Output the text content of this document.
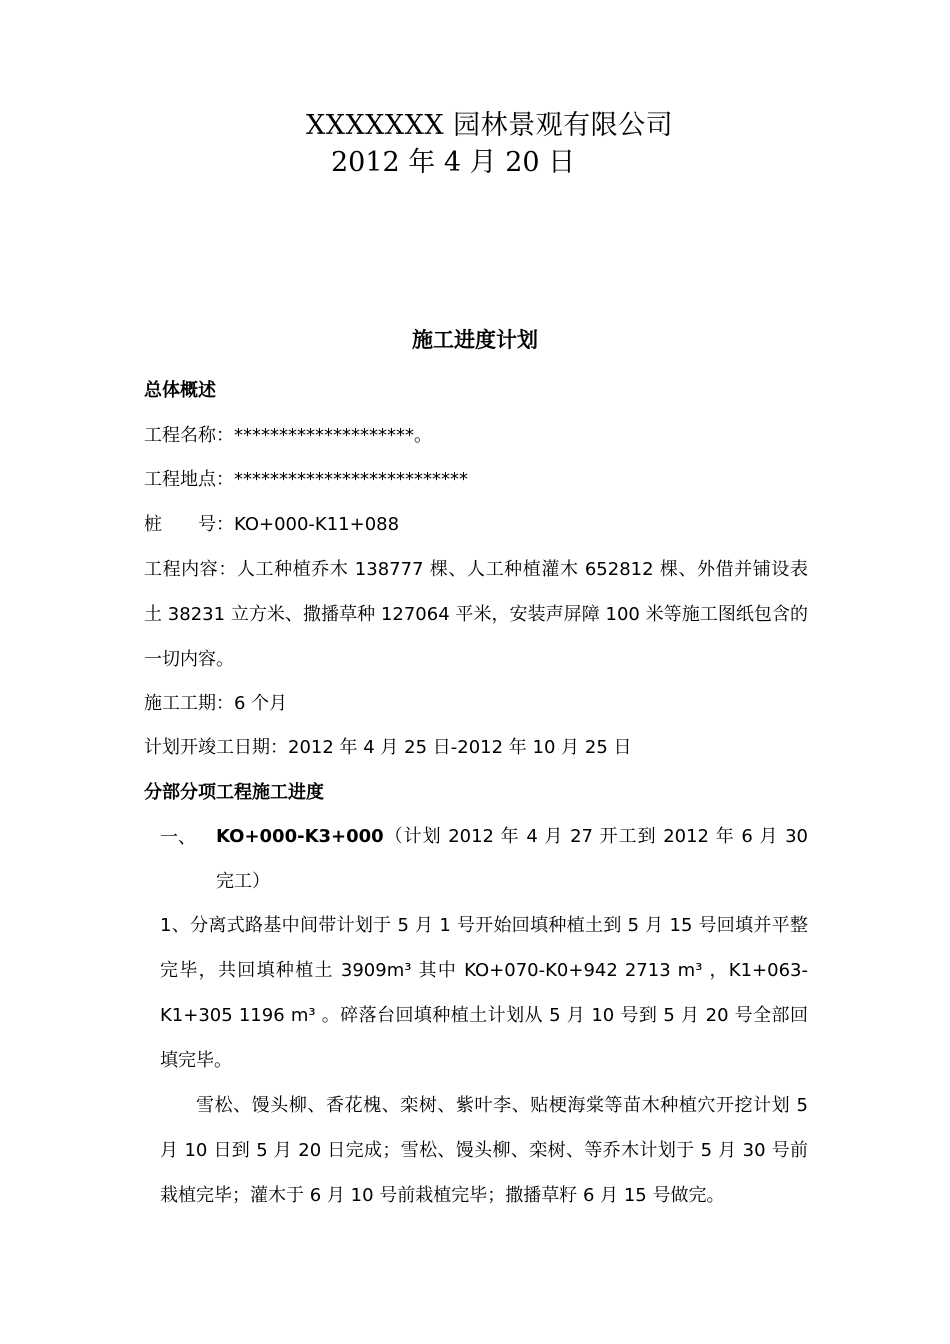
XXXXXXX 园林景观有限公司
2012 年 4 月 20 日
施工进度计划
总体概述
工程名称：********************。
工程地点：**************************
桩　　号：KO+000-K11+088
工程内容：人工种植乔木 138777 棵、人工种植灌木 652812 棵、外借并铺设表土 38231 立方米、撒播草种 127064 平米，安装声屏障 100 米等施工图纸包含的一切内容。
施工工期：6 个月
计划开竣工日期：2012 年 4 月 25 日-2012 年 10 月 25 日
分部分项工程施工进度
一、 KO+000-K3+000（计划 2012 年 4 月 27 开工到 2012 年 6 月 30 完工）
1、分离式路基中间带计划于 5 月 1 号开始回填种植土到 5 月 15 号回填并平整完毕，共回填种植土 3909m³ 其中 KO+070-K0+942 2713 m³ ，K1+063-K1+305 1196 m³ 。碎落台回填种植土计划从 5 月 10 号到 5 月 20 号全部回填完毕。
雪松、馒头柳、香花槐、栾树、紫叶李、贴梗海棠等苗木种植穴开挖计划 5 月 10 日到 5 月 20 日完成；雪松、馒头柳、栾树、等乔木计划于 5 月 30 号前栽植完毕；灌木于 6 月 10 号前栽植完毕；撒播草籽 6 月 15 号做完。
